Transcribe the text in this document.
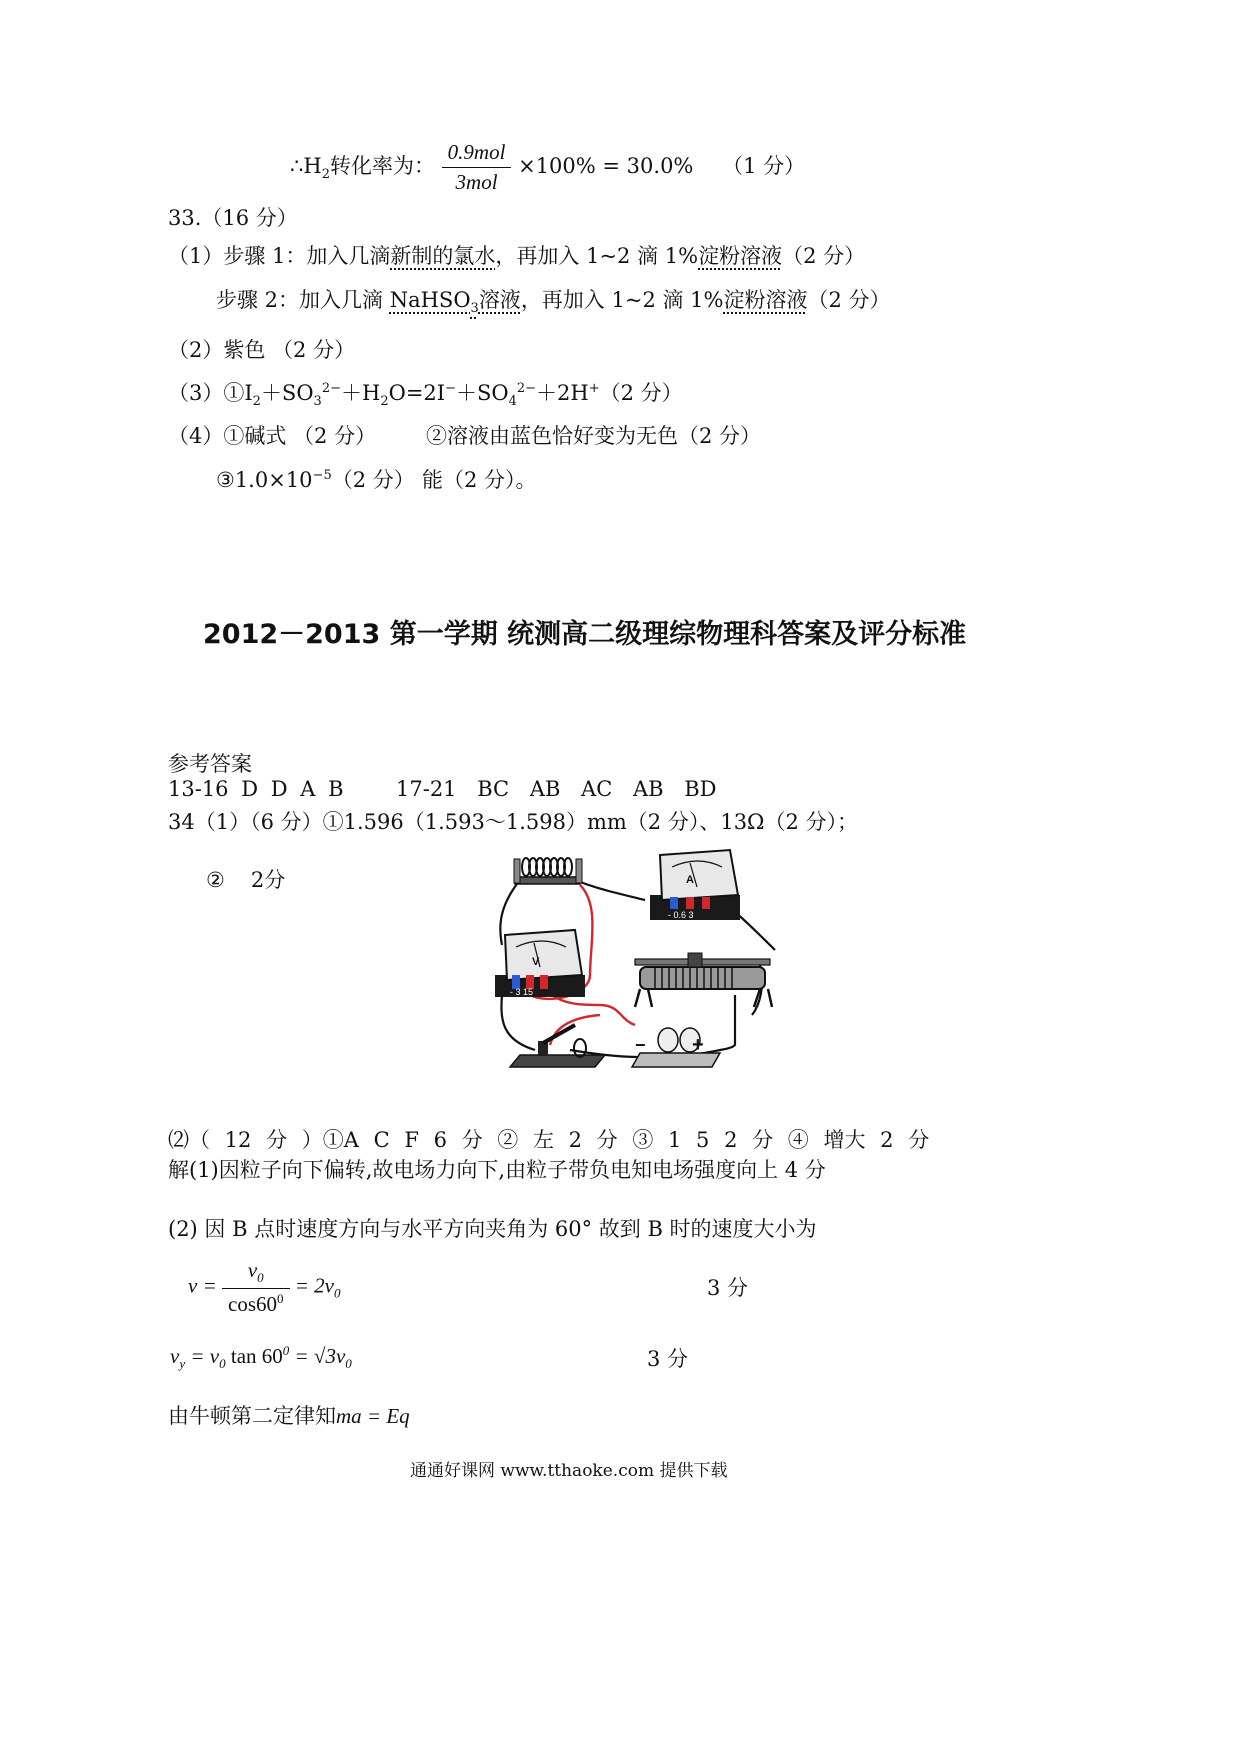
$\therefore H_2$转化率为： $\frac{\text{0.9mol}}{\text{3mol}} \times 100\% = 30.0\%$ （1 分）
33.（16 分）
（1）步骤 1：加入几滴新制的氯水，再加入 1~2 滴 1%淀粉溶液（2 分）
步骤 2：加入几滴 NaHSO$_3$溶液，再加入 1~2 滴 1%淀粉溶液（2 分）
（2）紫色 （2 分）
$(3)①I_2+SO_3^{2-}+H_2O=2I^-+SO_4^{2-}+2H^+(2$ 分）
（4）①碱式 （2 分） ②溶液由蓝色恰好变为无色（2 分）
$③1.0\times 10^{-5}(2$ 分） 能（2 分）。
2012－2013 第一学期 统测高二级理综物理科答案及评分标准
参考答案
13-16 D D A B 17-21 BC AB AC AB BD
34（1）（6 分）①1.596（1.593～1.598）mm（2 分）、13Ω（2 分）；
② 2分	A
- 0.6 3
V
- 3 15
− +
⑵（ 12 分 ）①A C F 6 分 ② 左 2 分 ③ 1 5 2 分 ④ 增大 2 分
解(1)因粒子向下偏转,故电场力向下,由粒子带负电知电场强度向上 4 分
(2) 因 B 点时速度方向与水平方向夹角为 60° 故到 B 时的速度大小为
$v = \frac{v_0}{\cos 60^0} = 2v_0$	3 分
$v_y = v_0$ $\tan 60^0 = √3v_0$	3 分
由牛顿第二定律知ma = Eq
通通好课网 www.tthaoke.com 提供下载
